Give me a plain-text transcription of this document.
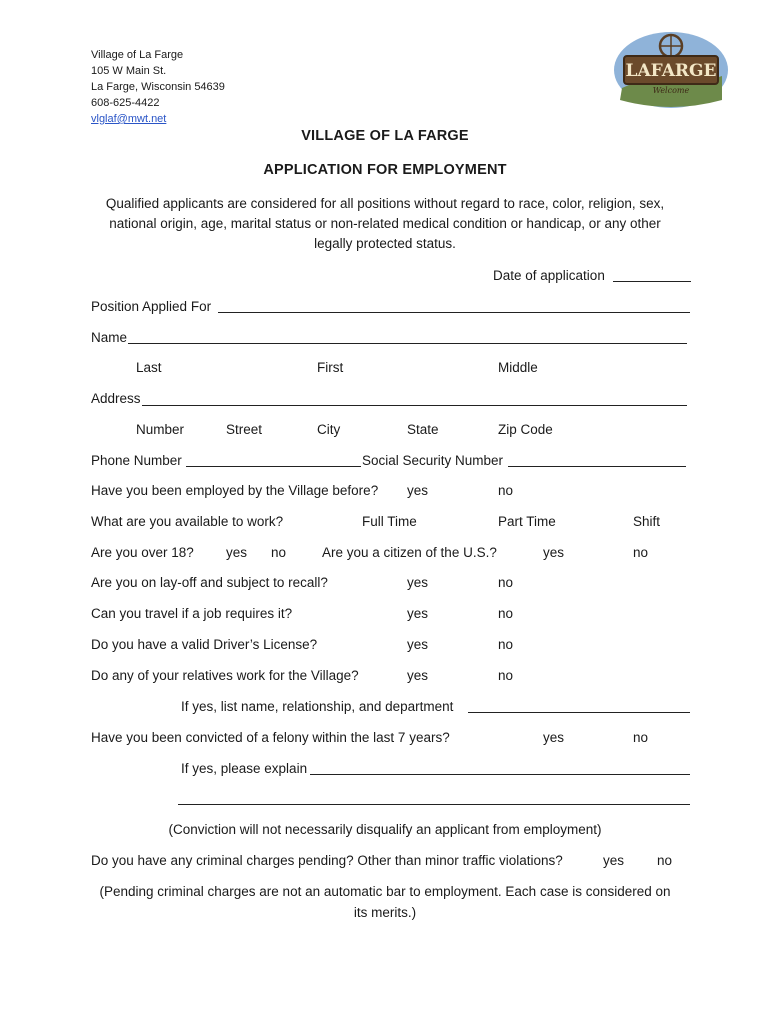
Village of La Farge
105 W Main St.
La Farge, Wisconsin 54639
608-625-4422
vlglaf@mwt.net
LAFARGE
Welcome
VILLAGE OF LA FARGE
APPLICATION FOR EMPLOYMENT
Qualified applicants are considered for all positions without regard to race, color, religion, sex,
national origin, age, marital status or non-related medical condition or handicap, or any other
legally protected status.
Date of application
Position Applied For
Name
Last	First	Middle
Address
Number	Street	City	State	Zip Code
Phone Number	Social Security Number
Have you been employed by the Village before? yes	no
What are you available to work?	Full Time	Part Time	Shift
Are you over 18? yes no	Are you a citizen of the U.S.?	yes	no
Are you on lay-off and subject to recall?	yes	no
Can you travel if a job requires it?	yes	no
Do you have a valid Driver’s License?	yes	no
Do any of your relatives work for the Village?	yes	no
If yes, list name, relationship, and department
Have you been convicted of a felony within the last 7 years?	yes	no
If yes, please explain
(Conviction will not necessarily disqualify an applicant from employment)
Do you have any criminal charges pending? Other than minor traffic violations?	yes no
(Pending criminal charges are not an automatic bar to employment. Each case is considered on
its merits.)
